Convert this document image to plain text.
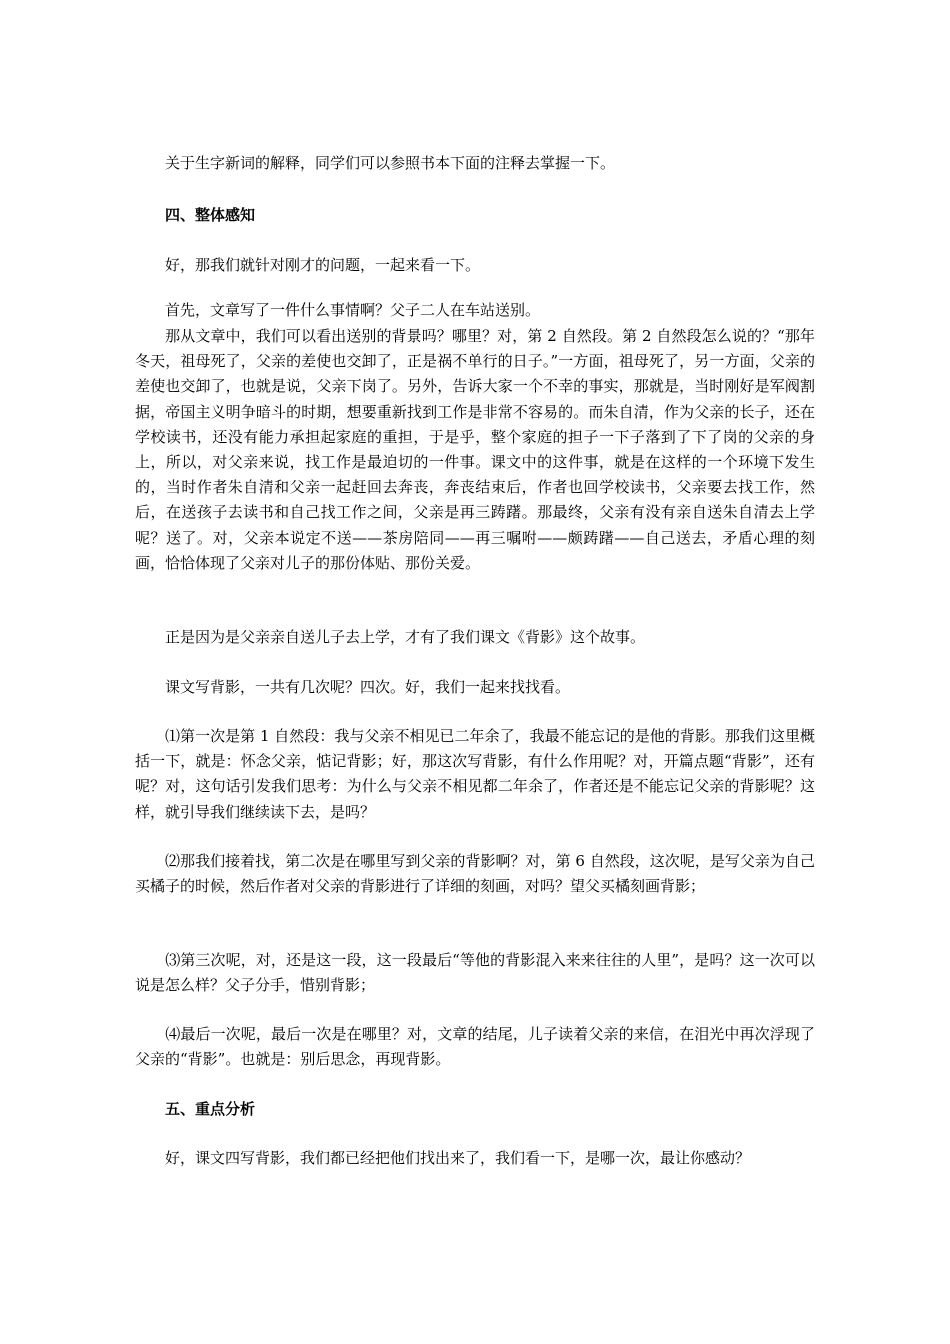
　　关于生字新词的解释，同学们可以参照书本下面的注释去掌握一下。

　　四、整体感知

　　好，那我们就针对刚才的问题，一起来看一下。

　　首先，文章写了一件什么事情啊？父子二人在车站送别。

　　那从文章中，我们可以看出送别的背景吗？哪里？对，第 2 自然段。第 2 自然段怎么说的？“那年冬天，祖母死了，父亲的差使也交卸了，正是祸不单行的日子。”一方面，祖母死了，另一方面，父亲的差使也交卸了，也就是说，父亲下岗了。另外，告诉大家一个不幸的事实，那就是，当时刚好是军阀割据，帝国主义明争暗斗的时期，想要重新找到工作是非常不容易的。而朱自清，作为父亲的长子，还在学校读书，还没有能力承担起家庭的重担，于是乎，整个家庭的担子一下子落到了下了岗的父亲的身上，所以，对父亲来说，找工作是最迫切的一件事。课文中的这件事，就是在这样的一个环境下发生的，当时作者朱自清和父亲一起赶回去奔丧，奔丧结束后，作者也回学校读书，父亲要去找工作，然后，在送孩子去读书和自己找工作之间，父亲是再三踌躇。那最终，父亲有没有亲自送朱自清去上学呢？送了。对，父亲本说定不送——茶房陪同——再三嘱咐——颇踌躇——自己送去，矛盾心理的刻画，恰恰体现了父亲对儿子的那份体贴、那份关爱。

　　正是因为是父亲亲自送儿子去上学，才有了我们课文《背影》这个故事。

　　课文写背影，一共有几次呢？四次。好，我们一起来找找看。

　　⑴第一次是第 1 自然段：我与父亲不相见已二年余了，我最不能忘记的是他的背影。那我们这里概括一下，就是：怀念父亲，惦记背影；好，那这次写背影，有什么作用呢？对，开篇点题“背影”，还有呢？对，这句话引发我们思考：为什么与父亲不相见都二年余了，作者还是不能忘记父亲的背影呢？这样，就引导我们继续读下去，是吗？

　　⑵那我们接着找，第二次是在哪里写到父亲的背影啊？对，第 6 自然段，这次呢，是写父亲为自己买橘子的时候，然后作者对父亲的背影进行了详细的刻画，对吗？望父买橘刻画背影；

　　⑶第三次呢，对，还是这一段，这一段最后“等他的背影混入来来往往的人里”，是吗？这一次可以说是怎么样？父子分手，惜别背影；

　　⑷最后一次呢，最后一次是在哪里？对，文章的结尾，儿子读着父亲的来信，在泪光中再次浮现了父亲的“背影”。也就是：别后思念，再现背影。

　　五、重点分析

　　好，课文四写背影，我们都已经把他们找出来了，我们看一下，是哪一次，最让你感动？
